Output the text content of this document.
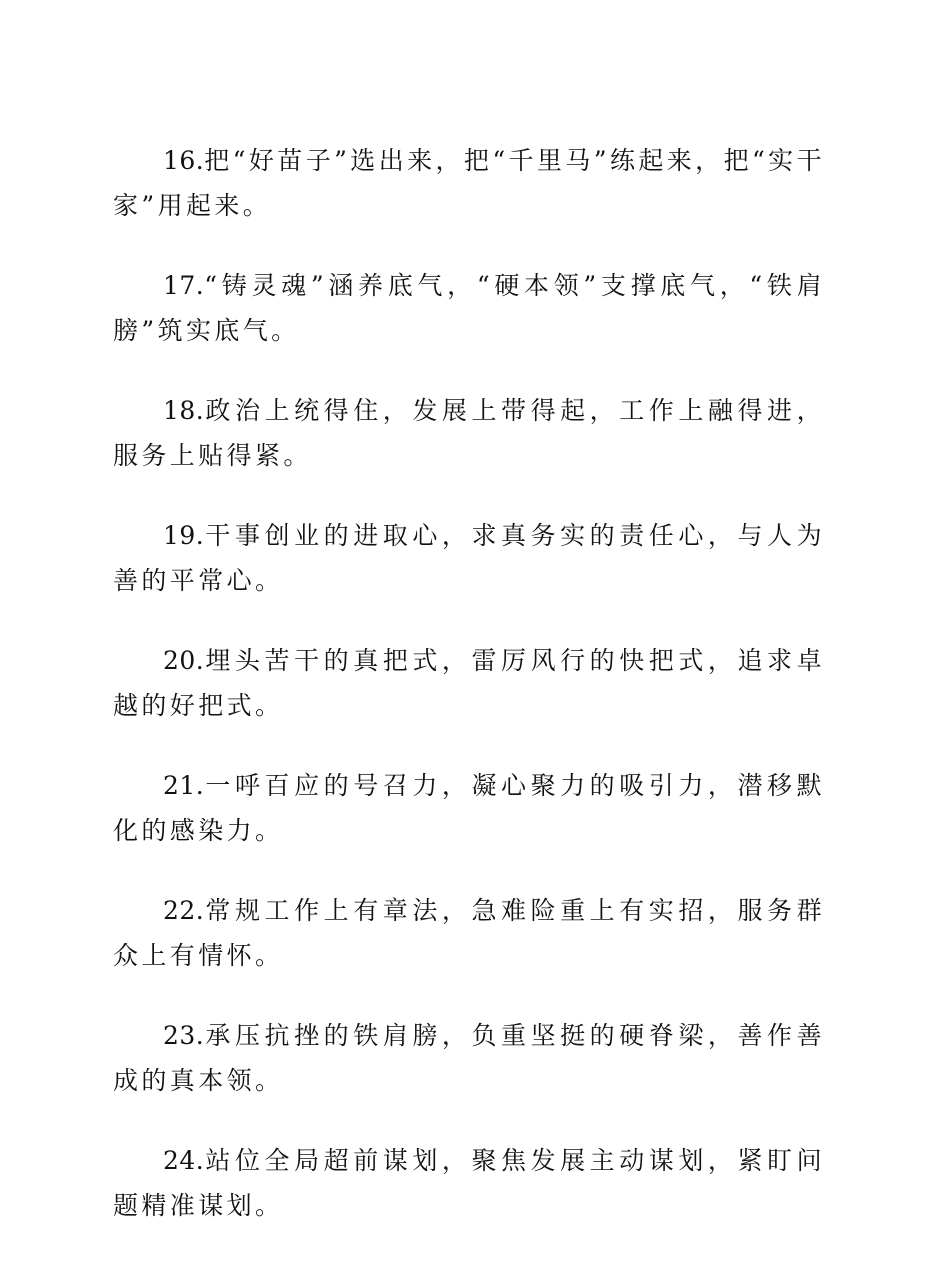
16.把“好苗子”选出来，把“千里马”练起来，把“实干家”用起来。

17.“铸灵魂”涵养底气，“硬本领”支撑底气，“铁肩膀”筑实底气。

18.政治上统得住，发展上带得起，工作上融得进，服务上贴得紧。

19.干事创业的进取心，求真务实的责任心，与人为善的平常心。

20.埋头苦干的真把式，雷厉风行的快把式，追求卓越的好把式。

21.一呼百应的号召力，凝心聚力的吸引力，潜移默化的感染力。

22.常规工作上有章法，急难险重上有实招，服务群众上有情怀。

23.承压抗挫的铁肩膀，负重坚挺的硬脊梁，善作善成的真本领。

24.站位全局超前谋划，聚焦发展主动谋划，紧盯问题精准谋划。
